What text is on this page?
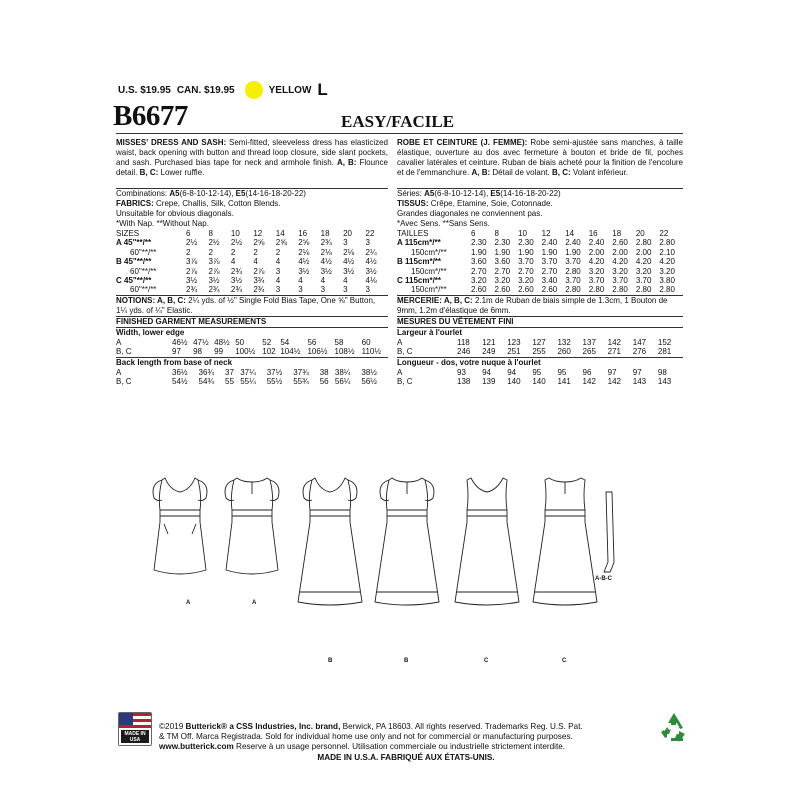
U.S. $19.95 CAN. $19.95	YELLOW L
B6677	EASY/FACILE
MISSES' DRESS AND SASH: Semi-fitted, sleeveless dress has elasticized waist, back opening with button and thread loop closure, side slant pockets, and sash. Purchased bias tape for neck and armhole finish. A, B: Flounce detail. B, C: Lower ruffle.
Combinations: A5(6-8-10-12-14), E5(14-16-18-20-22)
FABRICS: Crepe, Challis, Silk, Cotton Blends.
Unsuitable for obvious diagonals.
*With Nap. **Without Nap.
SIZES	6	8	10	12	14	16	18	20	22
A 45"**/**	2½	2½	2½	2⅝	2⅝	2⅝	2¾	3	3
60"**/**	2	2	2	2	2	2⅛	2⅛	2⅛	2¼
B 45"**/**	3⅞	3⅞	4	4	4	4½	4½	4½	4½
60"**/**	2⅞	2⅞	2¾	2⅞	3	3½	3½	3½	3½
C 45"**/**	3½	3½	3½	3¾	4	4	4	4	4⅛
60"**/**	2¾	2¾	2¾	2¾	3	3	3	3	3
NOTIONS: A, B, C: 2¼ yds. of ½" Single Fold Bias Tape, One ⅝" Button, 1¼ yds. of ¼" Elastic.
FINISHED GARMENT MEASUREMENTS
Width, lower edge
A	46½	47½	48½	50	52	54	56	58	60
B, C	97	98	99	100½	102	104½	106½	108½	110½
Back length from base of neck
A	36½	36¾	37	37¼	37½	37¾	38	38¼	38½
B, C	54½	54¾	55	55¼	55½	55¾	56	56¼	56½
ROBE ET CEINTURE (J. FEMME): Robe semi-ajustée sans manches, à taille élastique, ouverture au dos avec fermeture à bouton et bride de fil, poches cavalier latérales et ceinture. Ruban de biais acheté pour la finition de l'encolure et de l'emmanchure. A, B: Détail de volant. B, C: Volant inférieur.
Séries: A5(6-8-10-12-14), E5(14-16-18-20-22)
TISSUS: Crêpe, Etamine, Soie, Cotonnade.
Grandes diagonales ne conviennent pas.
*Avec Sens. **Sans Sens.
TAILLES	6	8	10	12	14	16	18	20	22
A 115cm*/**	2.30	2.30	2.30	2.40	2.40	2.40	2.60	2.80	2.80
150cm*/**	1.90	1.90	1.90	1.90	1.90	2.00	2.00	2.00	2.10
B 115cm*/**	3.60	3.60	3.70	3.70	3.70	4.20	4.20	4.20	4.20
150cm*/**	2.70	2.70	2.70	2.70	2.80	3.20	3.20	3.20	3.20
C 115cm*/**	3.20	3.20	3.20	3.40	3.70	3.70	3.70	3.70	3.80
150cm*/**	2.60	2.60	2.60	2.60	2.80	2.80	2.80	2.80	2.80
MERCERIE: A, B, C: 2.1m de Ruban de biais simple de 1.3cm, 1 Bouton de 9mm, 1.2m d'élastique de 6mm.
MESURES DU VÊTEMENT FINI
Largeur à l'ourlet
A	118	121	123	127	132	137	142	147	152
B, C	246	249	251	255	260	265	271	276	281
Longueur - dos, votre nuque à l'ourlet
A	93	94	94	95	95	96	97	97	98
B, C	138	139	140	140	141	142	142	143	143
A	A
B	B	C	C
A-B-C
MADE IN USA
©2019 Butterick® a CSS Industries, Inc. brand, Berwick, PA 18603. All rights reserved. Trademarks Reg. U.S. Pat.
& TM Off. Marca Registrada. Sold for individual home use only and not for commercial or manufacturing purposes.
www.butterick.com Reserve à un usage personnel. Utilisation commerciale ou industrielle strictement interdite.
MADE IN U.S.A. FABRIQUÉ AUX ÉTATS-UNIS.
